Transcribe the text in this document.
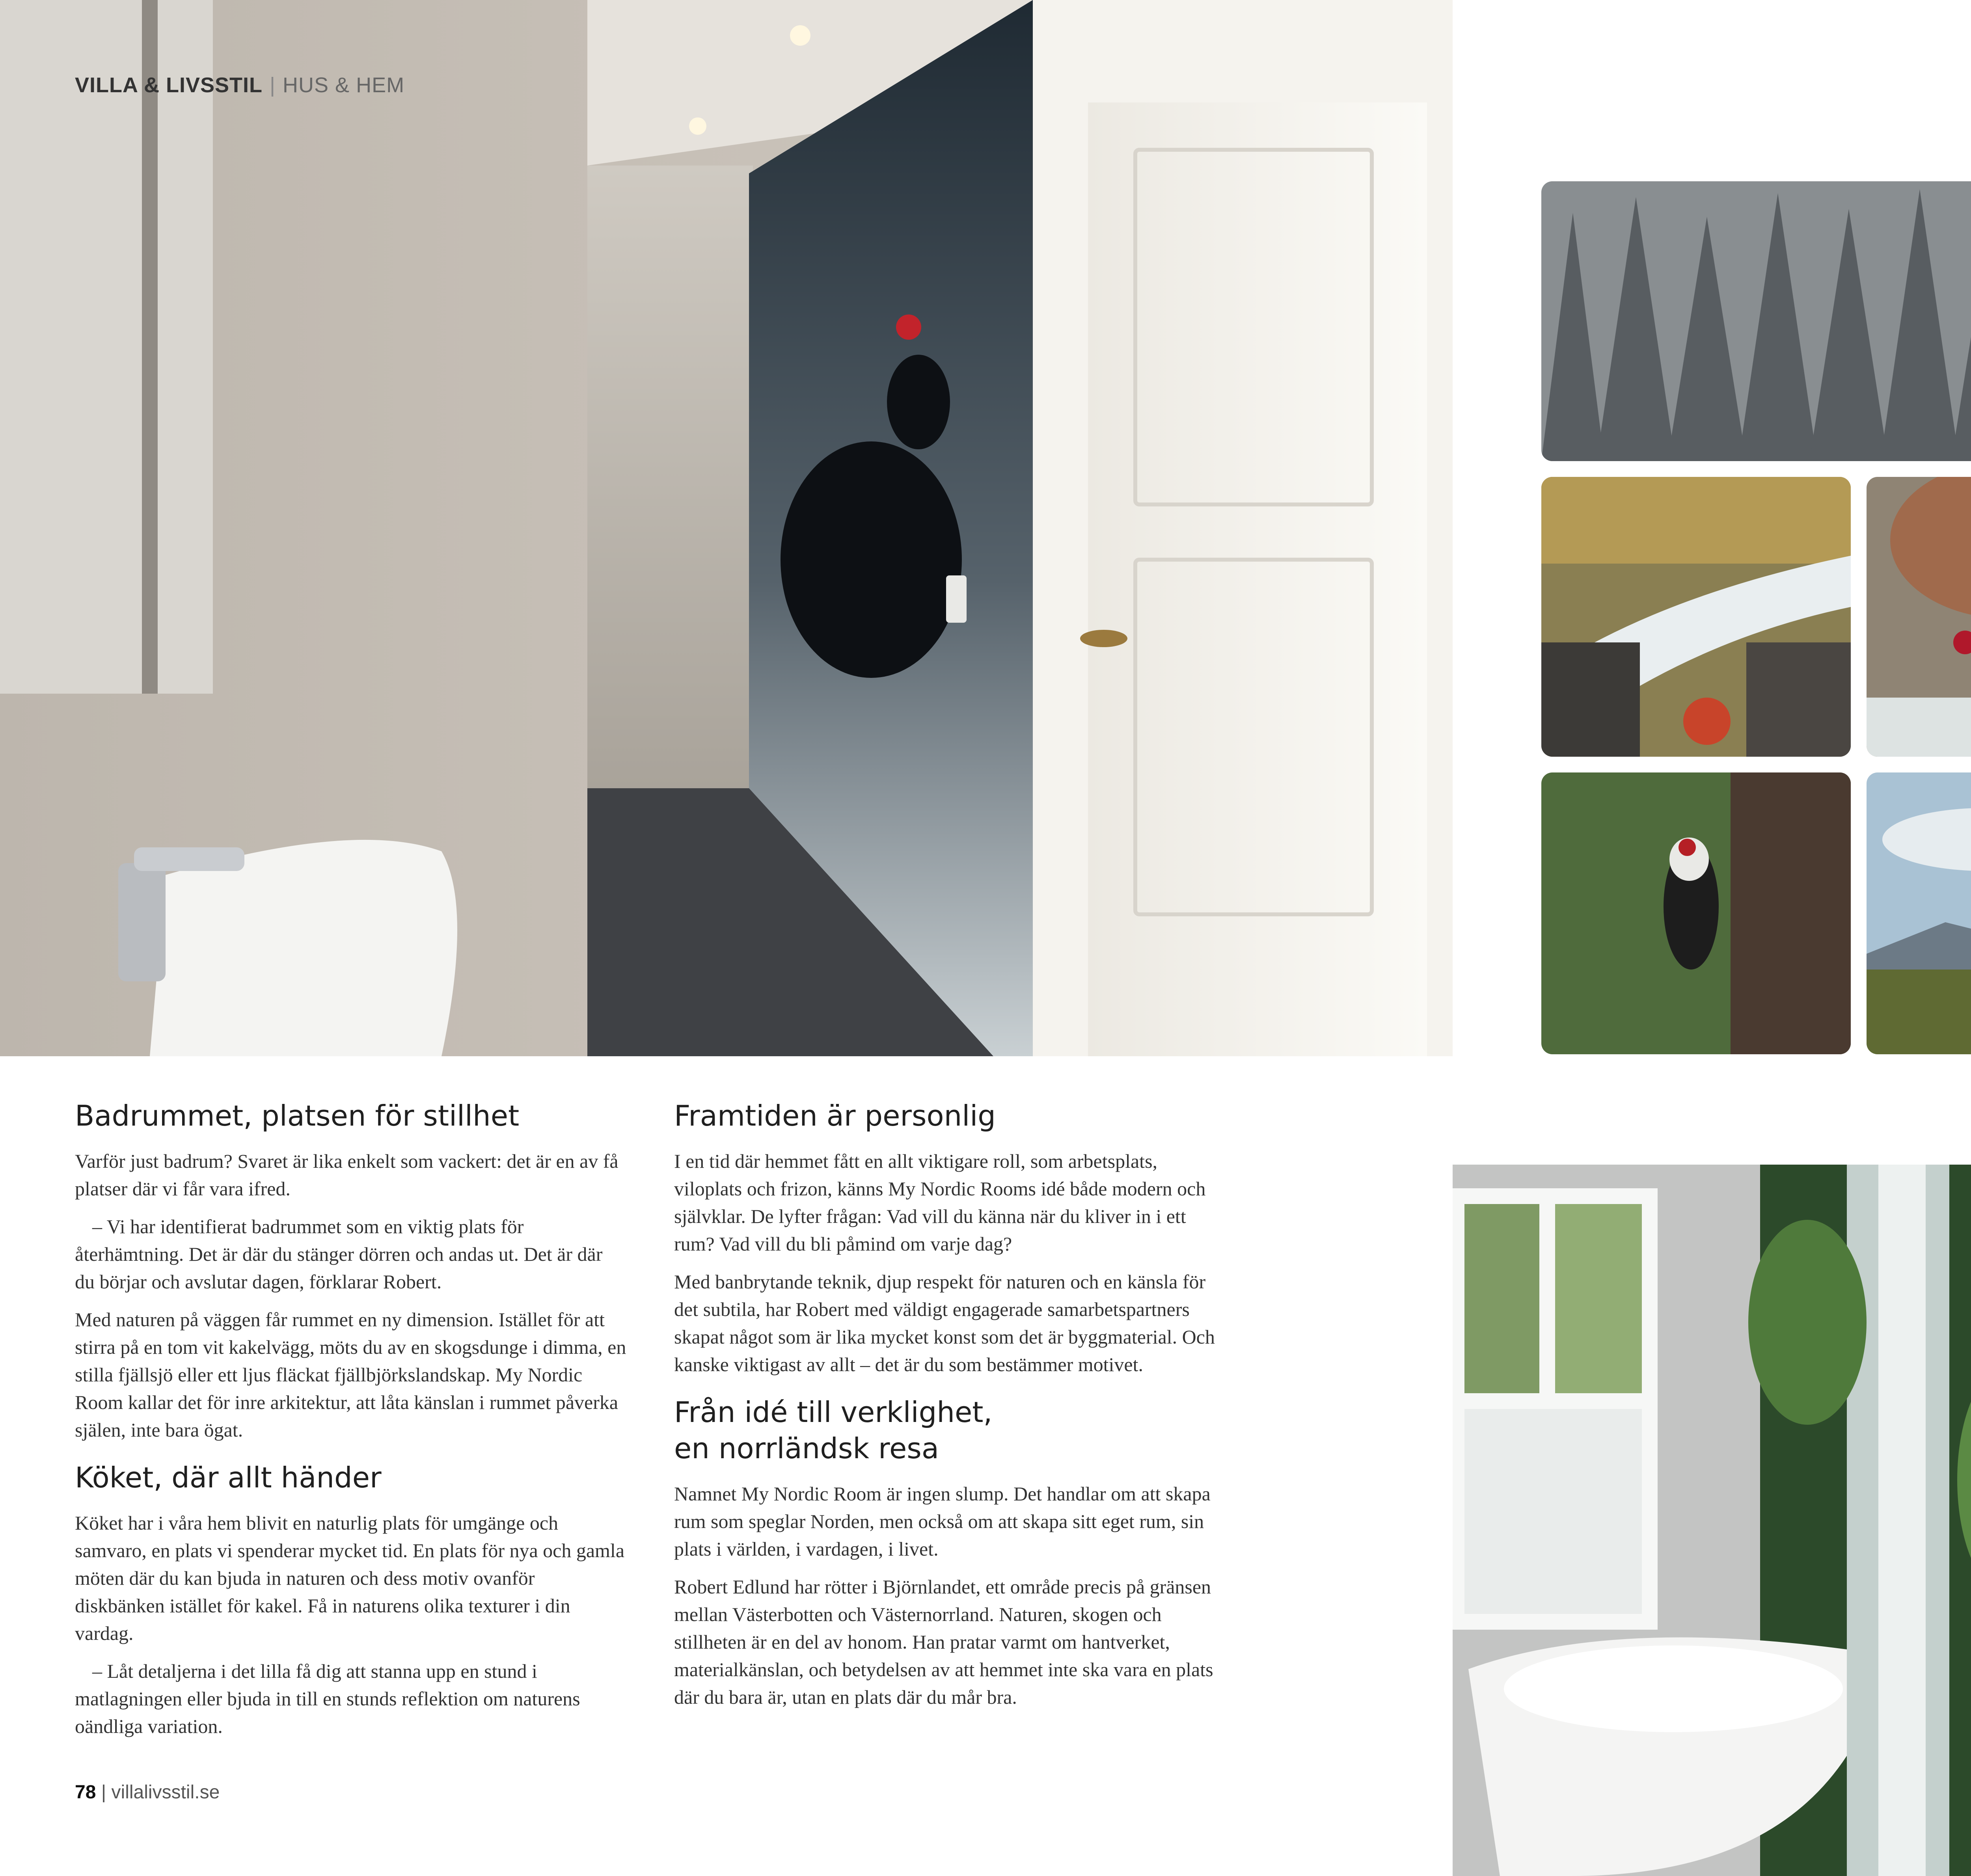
VILLA & LIVSSTIL | HUS & HEM
Badrummet, platsen för stillhet

Varför just badrum? Svaret är lika enkelt som vackert: det är en av få platser där vi får vara ifred.

– Vi har identifierat badrummet som en viktig plats för återhämtning. Det är där du stänger dörren och andas ut. Det är där du börjar och avslutar dagen, förklarar Robert.

Med naturen på väggen får rummet en ny dimension. Istället för att stirra på en tom vit kakelvägg, möts du av en skogsdunge i dimma, en stilla fjällsjö eller ett ljus fläckat fjällbjörkslandskap. My Nordic Room kallar det för inre arkitektur, att låta känslan i rummet påverka själen, inte bara ögat.

Köket, där allt händer

Köket har i våra hem blivit en naturlig plats för umgänge och samvaro, en plats vi spenderar mycket tid. En plats för nya och gamla möten där du kan bjuda in naturen och dess motiv ovanför diskbänken istället för kakel. Få in naturens olika texturer i din vardag.

– Låt detaljerna i det lilla få dig att stanna upp en stund i matlagningen eller bjuda in till en stunds reflektion om naturens oändliga variation.

Framtiden är personlig

I en tid där hemmet fått en allt viktigare roll, som arbetsplats, viloplats och frizon, känns My Nordic Rooms idé både modern och självklar. De lyfter frågan: Vad vill du känna när du kliver in i ett rum? Vad vill du bli påmind om varje dag?

Med banbrytande teknik, djup respekt för naturen och en känsla för det subtila, har Robert med väldigt engagerade samarbetspartners skapat något som är lika mycket konst som det är byggmaterial. Och kanske viktigast av allt – det är du som bestämmer motivet.

Från idé till verklighet,
en norrländsk resa

Namnet My Nordic Room är ingen slump. Det handlar om att skapa rum som speglar Norden, men också om att skapa sitt eget rum, sin plats i världen, i vardagen, i livet.

Robert Edlund har rötter i Björnlandet, ett område precis på gränsen mellan Västerbotten och Västernorrland. Naturen, skogen och stillheten är en del av honom. Han pratar varmt om hantverket, materialkänslan, och betydelsen av att hemmet inte ska vara en plats där du bara är, utan en plats där du mår bra.

78 | villalivsstil.se
